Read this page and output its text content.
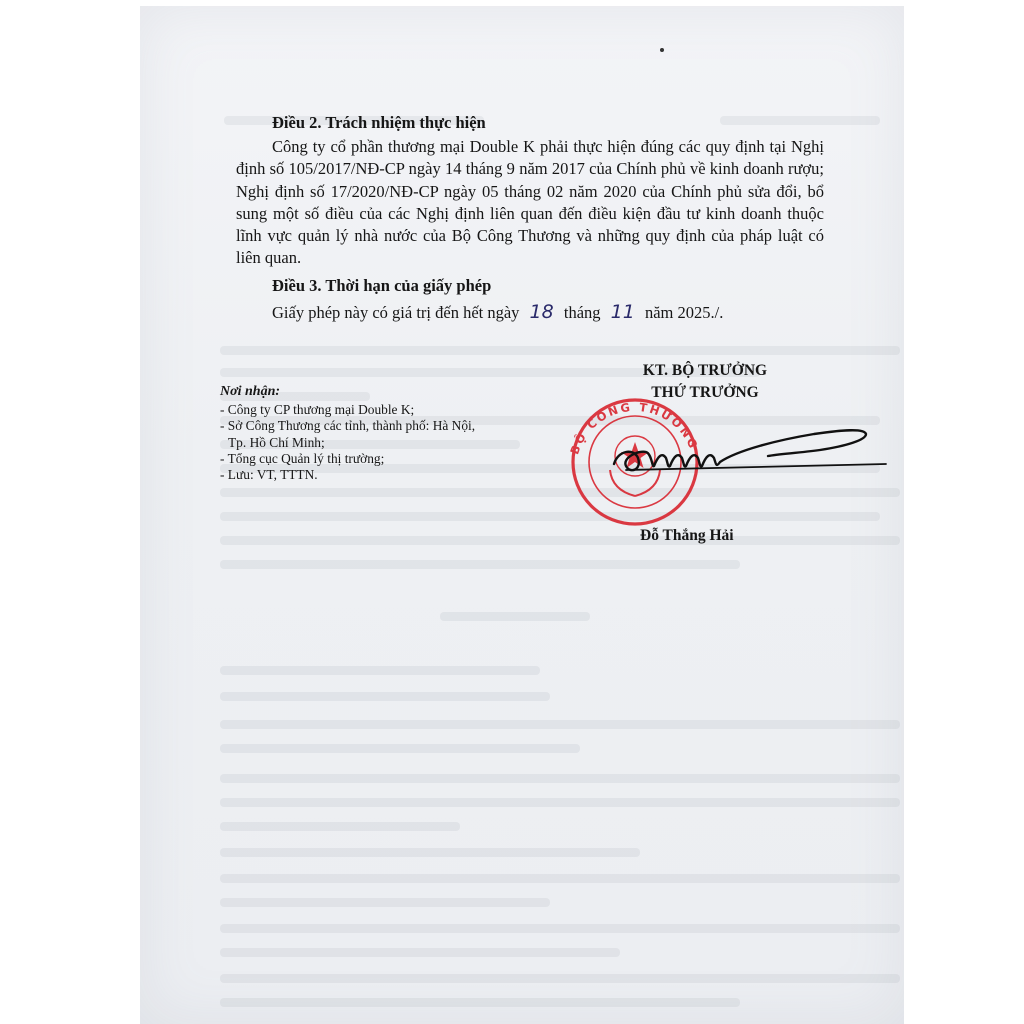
Điều 2. Trách nhiệm thực hiện

Công ty cổ phần thương mại Double K phải thực hiện đúng các quy định tại Nghị định số 105/2017/NĐ-CP ngày 14 tháng 9 năm 2017 của Chính phủ về kinh doanh rượu; Nghị định số 17/2020/NĐ-CP ngày 05 tháng 02 năm 2020 của Chính phủ sửa đổi, bổ sung một số điều của các Nghị định liên quan đến điều kiện đầu tư kinh doanh thuộc lĩnh vực quản lý nhà nước của Bộ Công Thương và những quy định của pháp luật có liên quan.

Điều 3. Thời hạn của giấy phép
Giấy phép này có giá trị đến hết ngày 18 tháng 11 năm 2025./.
Nơi nhận:
- Công ty CP thương mại Double K;
- Sở Công Thương các tỉnh, thành phố: Hà Nội,
Tp. Hồ Chí Minh;
- Tổng cục Quản lý thị trường;
- Lưu: VT, TTTN.
KT. BỘ TRƯỞNG
THỨ TRƯỞNG
BỘ CÔNG THƯƠNG
Đỗ Thắng Hải
